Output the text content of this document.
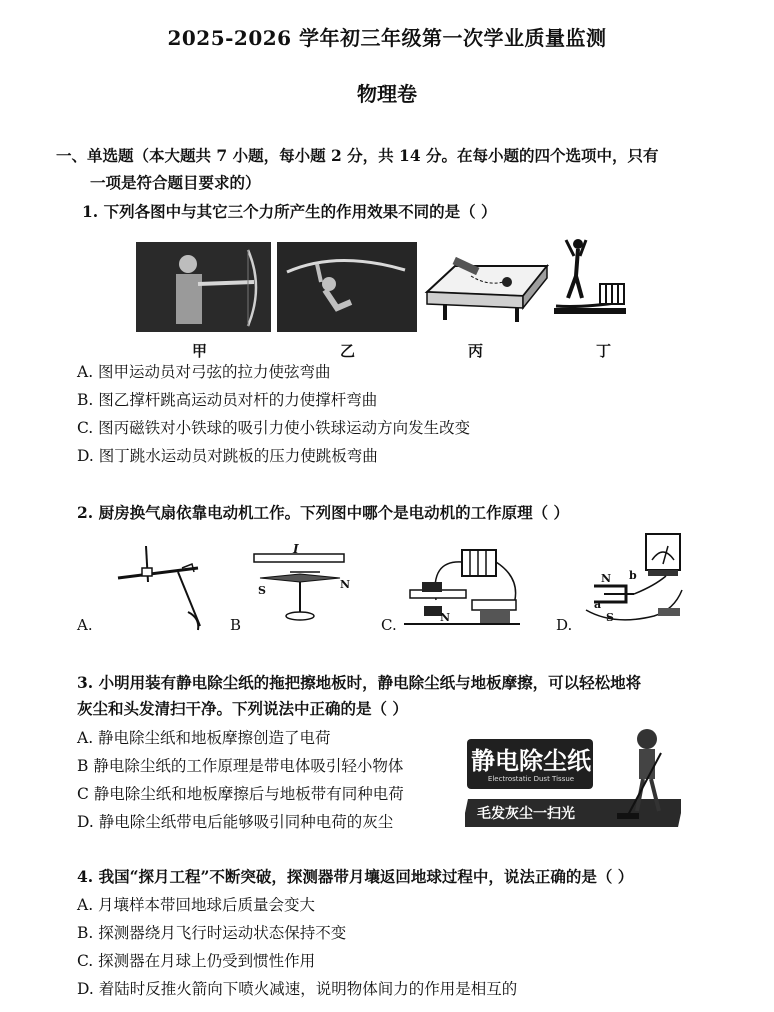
2025-2026 学年初三年级第一次学业质量监测
物理卷
一、单选题（本大题共 7 小题，每小题 2 分，共 14 分。在每小题的四个选项中，只有
一项是符合题目要求的）
1. 下列各图中与其它三个力所产生的作用效果不同的是（ ）
甲	乙	丙	丁
A. 图甲运动员对弓弦的拉力使弦弯曲
B. 图乙撑杆跳高运动员对杆的力使撑杆弯曲
C. 图丙磁铁对小铁球的吸引力使小铁球运动方向发生改变
D. 图丁跳水运动员对跳板的压力使跳板弯曲
2. 厨房换气扇依靠电动机工作。下列图中哪个是电动机的工作原理（ ）
I
S	N
N
N b
a
S
A.	B	C.	D.
3. 小明用装有静电除尘纸的拖把擦地板时，静电除尘纸与地板摩擦，可以轻松地将
灰尘和头发清扫干净。下列说法中正确的是（ ）
A. 静电除尘纸和地板摩擦创造了电荷
B 静电除尘纸的工作原理是带电体吸引轻小物体
C 静电除尘纸和地板摩擦后与地板带有同种电荷
D. 静电除尘纸带电后能够吸引同种电荷的灰尘
静电除尘纸
Electrostatic Dust Tissue
毛发灰尘一扫光
4. 我国“探月工程”不断突破，探测器带月壤返回地球过程中，说法正确的是（ ）
A. 月壤样本带回地球后质量会变大
B. 探测器绕月飞行时运动状态保持不变
C. 探测器在月球上仍受到惯性作用
D. 着陆时反推火箭向下喷火减速，说明物体间力的作用是相互的
